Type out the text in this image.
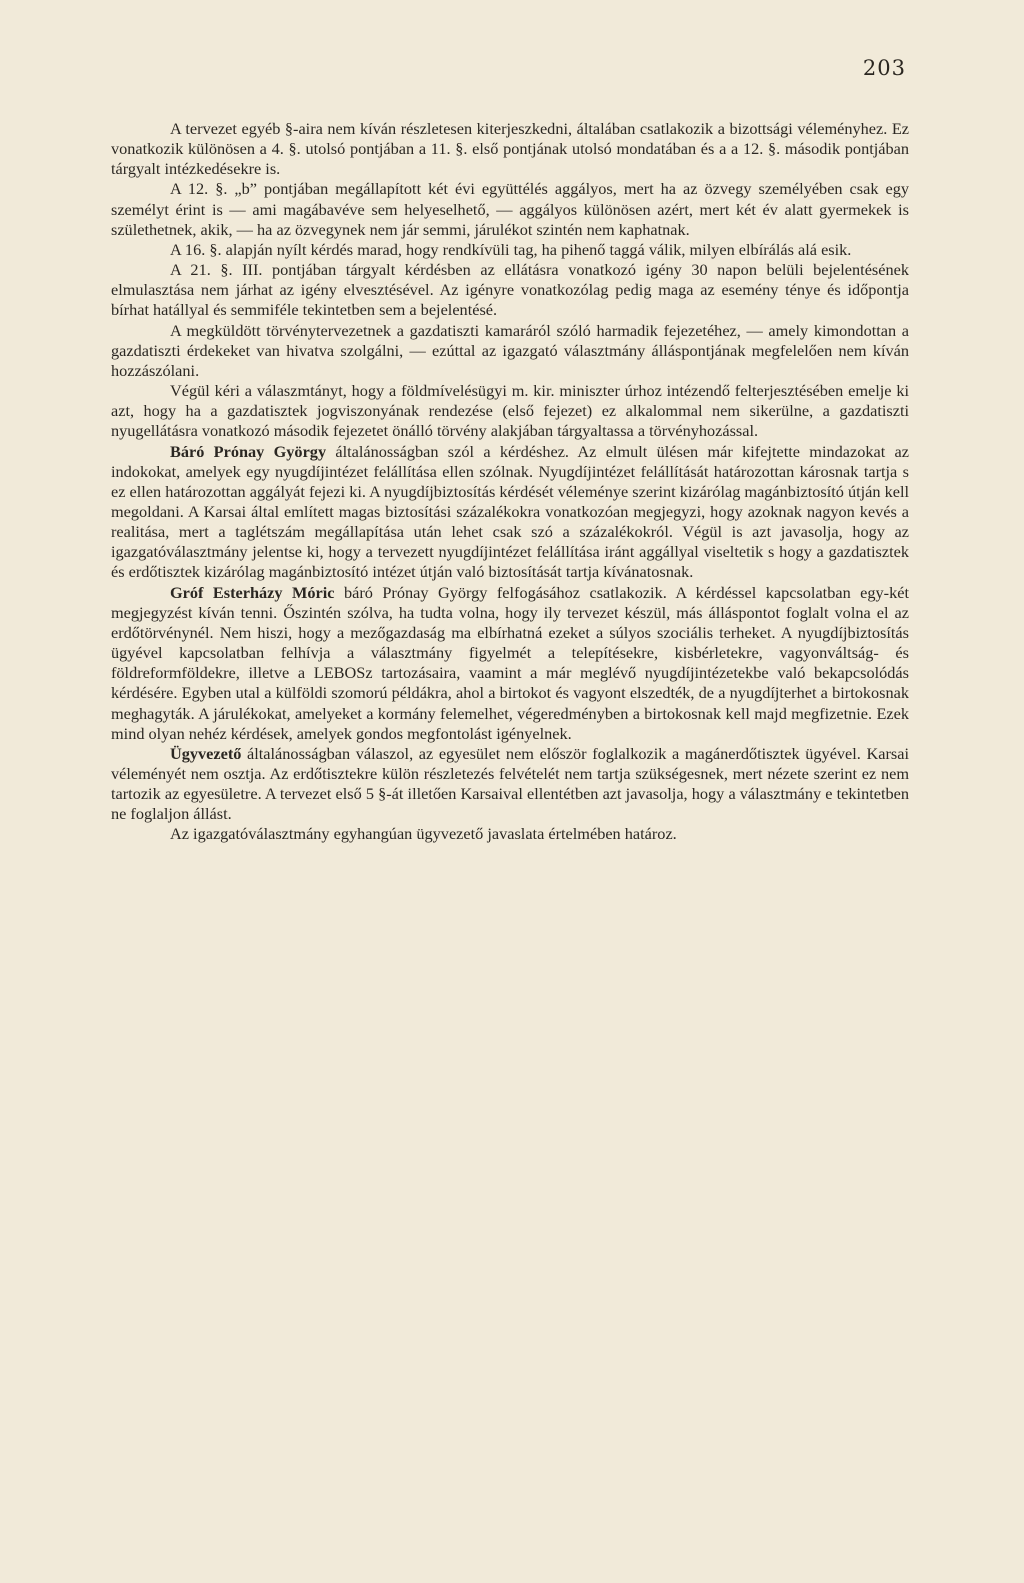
203

A tervezet egyéb §-aira nem kíván részletesen kiterjeszkedni, általában csatlakozik a bizottsági véleményhez. Ez vonatkozik különösen a 4. §. utolsó pontjában a 11. §. első pontjának utolsó mondatában és a a 12. §. második pontjában tárgyalt intézkedésekre is.

A 12. §. „b” pontjában megállapított két évi együttélés aggályos, mert ha az özvegy személyében csak egy személyt érint is — ami magábavéve sem helyeselhető, — aggályos különösen azért, mert két év alatt gyermekek is születhetnek, akik, — ha az özvegynek nem jár semmi, járulékot szintén nem kaphatnak.

A 16. §. alapján nyílt kérdés marad, hogy rendkívüli tag, ha pihenő taggá válik, milyen elbírálás alá esik.

A 21. §. III. pontjában tárgyalt kérdésben az ellátásra vonatkozó igény 30 napon belüli bejelentésének elmulasztása nem járhat az igény elvesztésével. Az igényre vonatkozólag pedig maga az esemény ténye és időpontja bírhat hatállyal és semmiféle tekintetben sem a bejelentésé.

A megküldött törvénytervezetnek a gazdatiszti kamaráról szóló harmadik fejezetéhez, — amely kimondottan a gazdatiszti érdekeket van hivatva szolgálni, — ezúttal az igazgató választmány álláspontjának megfelelően nem kíván hozzászólani.

Végül kéri a válaszmtányt, hogy a földmívelésügyi m. kir. miniszter úrhoz intézendő felterjesztésében emelje ki azt, hogy ha a gazdatisztek jogviszonyának rendezése (első fejezet) ez alkalommal nem sikerülne, a gazdatiszti nyugellátásra vonatkozó második fejezetet önálló törvény alakjában tárgyaltassa a törvényhozással.

Báró Prónay György általánosságban szól a kérdéshez. Az elmult ülésen már kifejtette mindazokat az indokokat, amelyek egy nyugdíjintézet felállítása ellen szólnak. Nyugdíjintézet felállítását határozottan károsnak tartja s ez ellen határozottan aggályát fejezi ki. A nyugdíjbiztosítás kérdését véleménye szerint kizárólag magánbiztosító útján kell megoldani. A Karsai által említett magas biztosítási százalékokra vonatkozóan megjegyzi, hogy azoknak nagyon kevés a realitása, mert a taglétszám megállapítása után lehet csak szó a százalékokról. Végül is azt javasolja, hogy az igazgatóválasztmány jelentse ki, hogy a tervezett nyugdíjintézet felállítása iránt aggállyal viseltetik s hogy a gazdatisztek és erdőtisztek kizárólag magánbiztosító intézet útján való biztosítását tartja kívánatosnak.

Gróf Esterházy Móric báró Prónay György felfogásához csatlakozik. A kérdéssel kapcsolatban egy-két megjegyzést kíván tenni. Őszintén szólva, ha tudta volna, hogy ily tervezet készül, más álláspontot foglalt volna el az erdőtörvénynél. Nem hiszi, hogy a mezőgazdaság ma elbírhatná ezeket a súlyos szociális terheket. A nyugdíjbiztosítás ügyével kapcsolatban felhívja a választmány figyelmét a telepítésekre, kisbérletekre, vagyonváltság- és földreformföldekre, illetve a LEBOSz tartozásaira, vaamint a már meglévő nyugdíjintézetekbe való bekapcsolódás kérdésére. Egyben utal a külföldi szomorú példákra, ahol a birtokot és vagyont elszedték, de a nyugdíjterhet a birtokosnak meghagyták. A járulékokat, amelyeket a kormány felemelhet, végeredményben a birtokosnak kell majd megfizetnie. Ezek mind olyan nehéz kérdések, amelyek gondos megfontolást igényelnek.

Ügyvezető általánosságban válaszol, az egyesület nem először foglalkozik a magánerdőtisztek ügyével. Karsai véleményét nem osztja. Az erdőtisztekre külön részletezés felvételét nem tartja szükségesnek, mert nézete szerint ez nem tartozik az egyesületre. A tervezet első 5 §-át illetően Karsaival ellentétben azt javasolja, hogy a választmány e tekintetben ne foglaljon állást.

Az igazgatóválasztmány egyhangúan ügyvezető javaslata értelmében határoz.
